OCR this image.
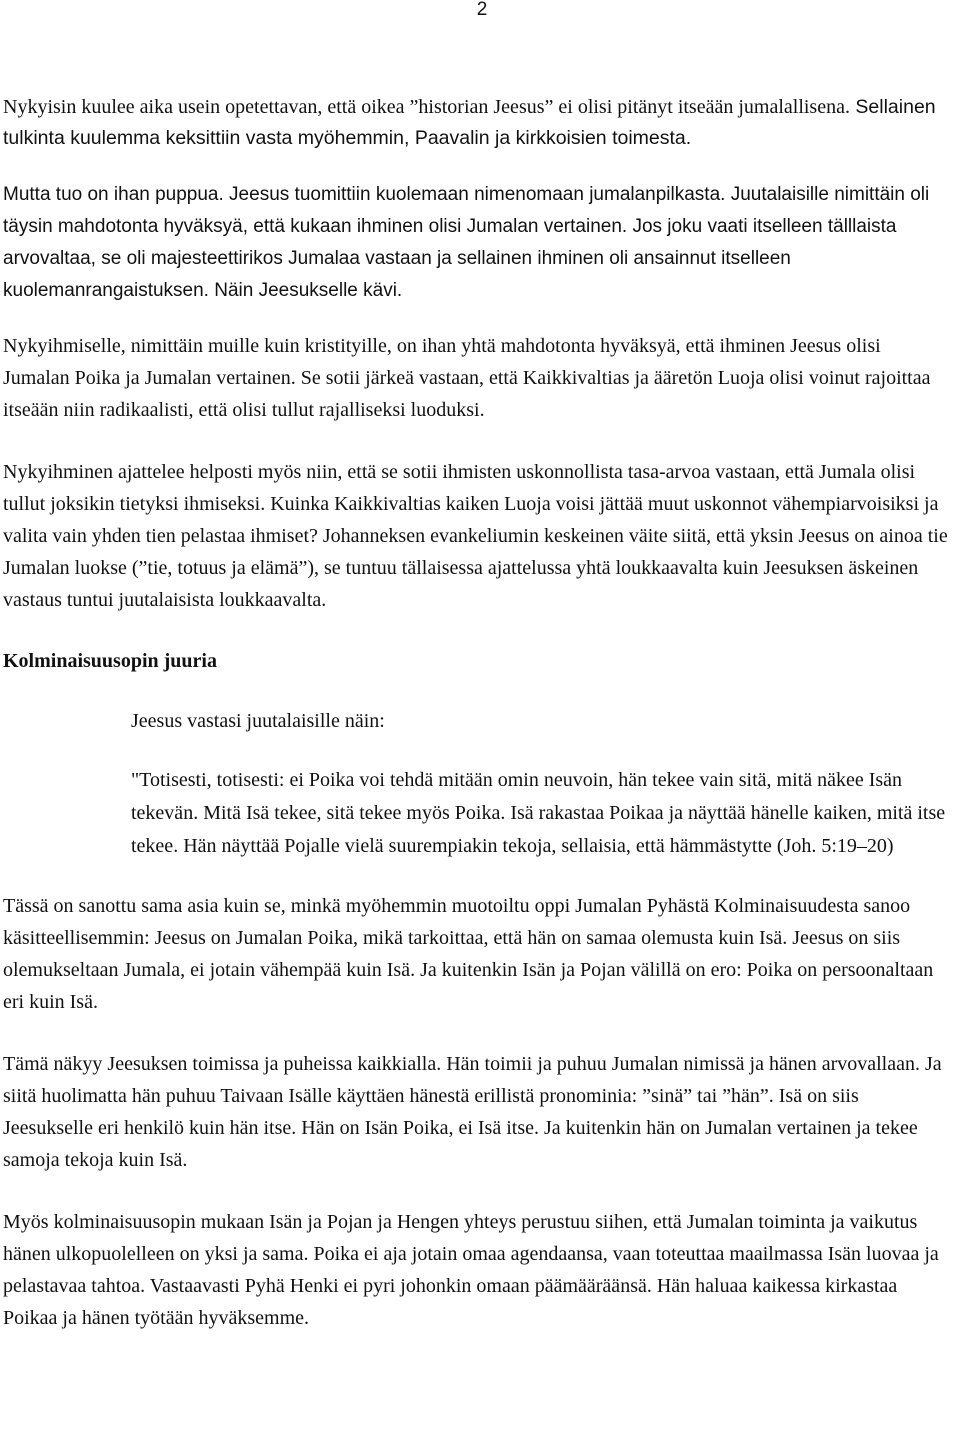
2

Nykyisin kuulee aika usein opetettavan, että oikea ”historian Jeesus” ei olisi pitänyt itseään jumalallisena. Sellainen tulkinta kuulemma keksittiin vasta myöhemmin, Paavalin ja kirkkoisien toimesta.

Mutta tuo on ihan puppua. Jeesus tuomittiin kuolemaan nimenomaan jumalanpilkasta. Juutalaisille nimittäin oli täysin mahdotonta hyväksyä, että kukaan ihminen olisi Jumalan vertainen. Jos joku vaati itselleen tälllaista arvovaltaa, se oli majesteettirikos Jumalaa vastaan ja sellainen ihminen oli ansainnut itselleen kuolemanrangaistuksen. Näin Jeesukselle kävi.

Nykyihmiselle, nimittäin muille kuin kristityille, on ihan yhtä mahdotonta hyväksyä, että ihminen Jeesus olisi Jumalan Poika ja Jumalan vertainen. Se sotii järkeä vastaan, että Kaikkivaltias ja ääretön Luoja olisi voinut rajoittaa itseään niin radikaalisti, että olisi tullut rajalliseksi luoduksi.

Nykyihminen ajattelee helposti myös niin, että se sotii ihmisten uskonnollista tasa-arvoa vastaan, että Jumala olisi tullut joksikin tietyksi ihmiseksi. Kuinka Kaikkivaltias kaiken Luoja voisi jättää muut uskonnot vähempiarvoisiksi ja valita vain yhden tien pelastaa ihmiset? Johanneksen evankeliumin keskeinen väite siitä, että yksin Jeesus on ainoa tie Jumalan luokse (”tie, totuus ja elämä”), se tuntuu tällaisessa ajattelussa yhtä loukkaavalta kuin Jeesuksen äskeinen vastaus tuntui juutalaisista loukkaavalta.

Kolminaisuusopin juuria

Jeesus vastasi juutalaisille näin:

"Totisesti, totisesti: ei Poika voi tehdä mitään omin neuvoin, hän tekee vain sitä, mitä näkee Isän tekevän. Mitä Isä tekee, sitä tekee myös Poika. Isä rakastaa Poikaa ja näyttää hänelle kaiken, mitä itse tekee. Hän näyttää Pojalle vielä suurempiakin tekoja, sellaisia, että hämmästytte (Joh. 5:19–20)

Tässä on sanottu sama asia kuin se, minkä myöhemmin muotoiltu oppi Jumalan Pyhästä Kolminaisuudesta sanoo käsitteellisemmin: Jeesus on Jumalan Poika, mikä tarkoittaa, että hän on samaa olemusta kuin Isä. Jeesus on siis olemukseltaan Jumala, ei jotain vähempää kuin Isä. Ja kuitenkin Isän ja Pojan välillä on ero: Poika on persoonaltaan eri kuin Isä.

Tämä näkyy Jeesuksen toimissa ja puheissa kaikkialla. Hän toimii ja puhuu Jumalan nimissä ja hänen arvovallaan. Ja siitä huolimatta hän puhuu Taivaan Isälle käyttäen hänestä erillistä pronominia: ”sinä” tai ”hän”. Isä on siis Jeesukselle eri henkilö kuin hän itse. Hän on Isän Poika, ei Isä itse. Ja kuitenkin hän on Jumalan vertainen ja tekee samoja tekoja kuin Isä.

Myös kolminaisuusopin mukaan Isän ja Pojan ja Hengen yhteys perustuu siihen, että Jumalan toiminta ja vaikutus hänen ulkopuolelleen on yksi ja sama. Poika ei aja jotain omaa agendaansa, vaan toteuttaa maailmassa Isän luovaa ja pelastavaa tahtoa. Vastaavasti Pyhä Henki ei pyri johonkin omaan päämääräänsä. Hän haluaa kaikessa kirkastaa Poikaa ja hänen työtään hyväksemme.
